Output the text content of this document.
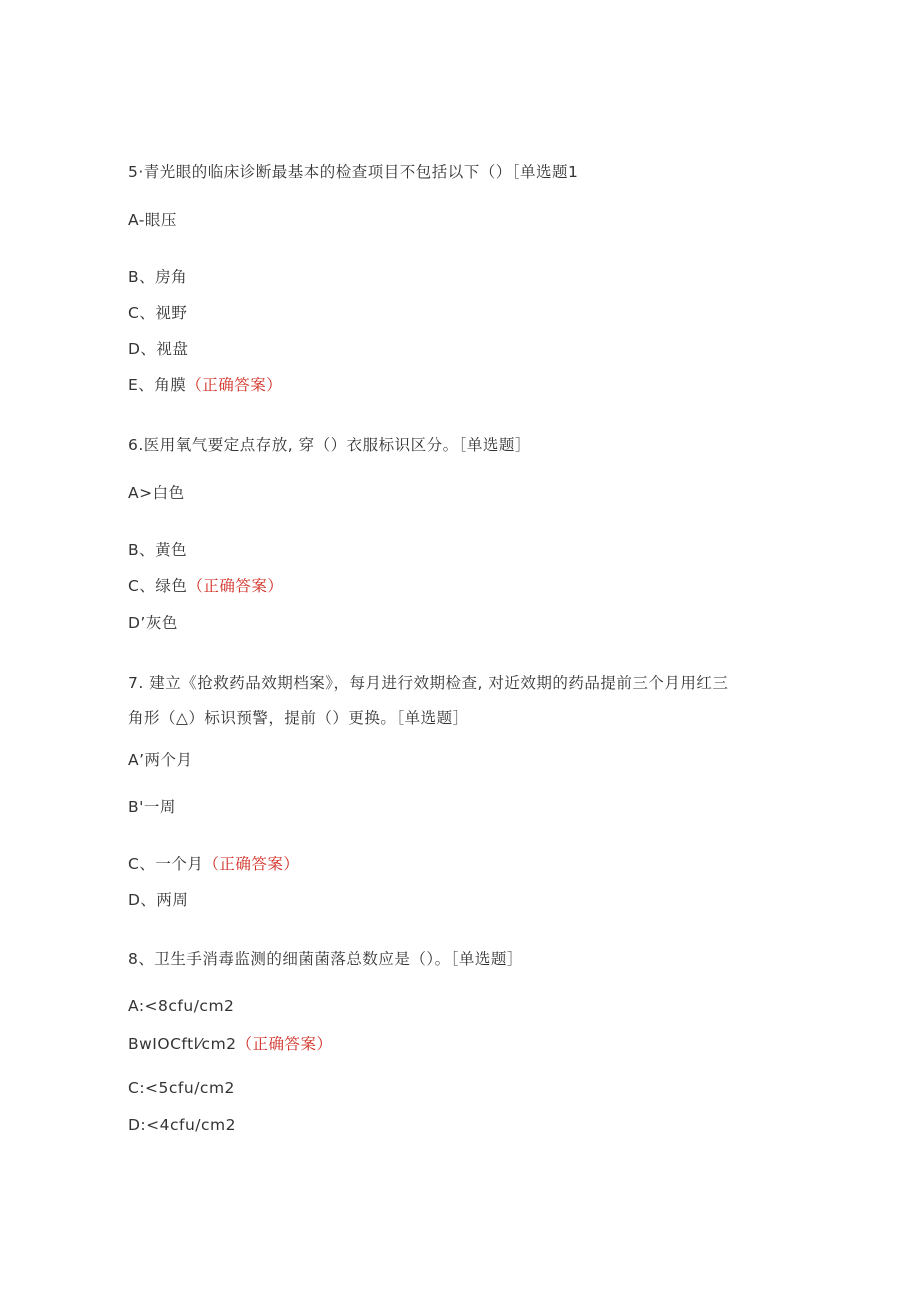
5·青光眼的临床诊断最基本的检查项目不包括以下（）［单选题1
A-眼压
B、房角
C、视野
D、视盘
E、角膜（正确答案）
6.医用氧气要定点存放, 穿（）衣服标识区分。［单选题］
A>白色
B、黄色
C、绿色（正确答案）
D’灰色
7. 建立《抢救药品效期档案》，每月进行效期检查, 对近效期的药品提前三个月用红三
角形（△）标识预警，提前（）更换。［单选题］
A’两个月
B'一周
C、一个月（正确答案）
D、两周
8、卫生手消毒监测的细菌菌落总数应是（）。［单选题］
A:<8cfu/cm2
BwIOCftl⁄cm2（正确答案）
C:<5cfu/cm2
D:<4cfu/cm2
